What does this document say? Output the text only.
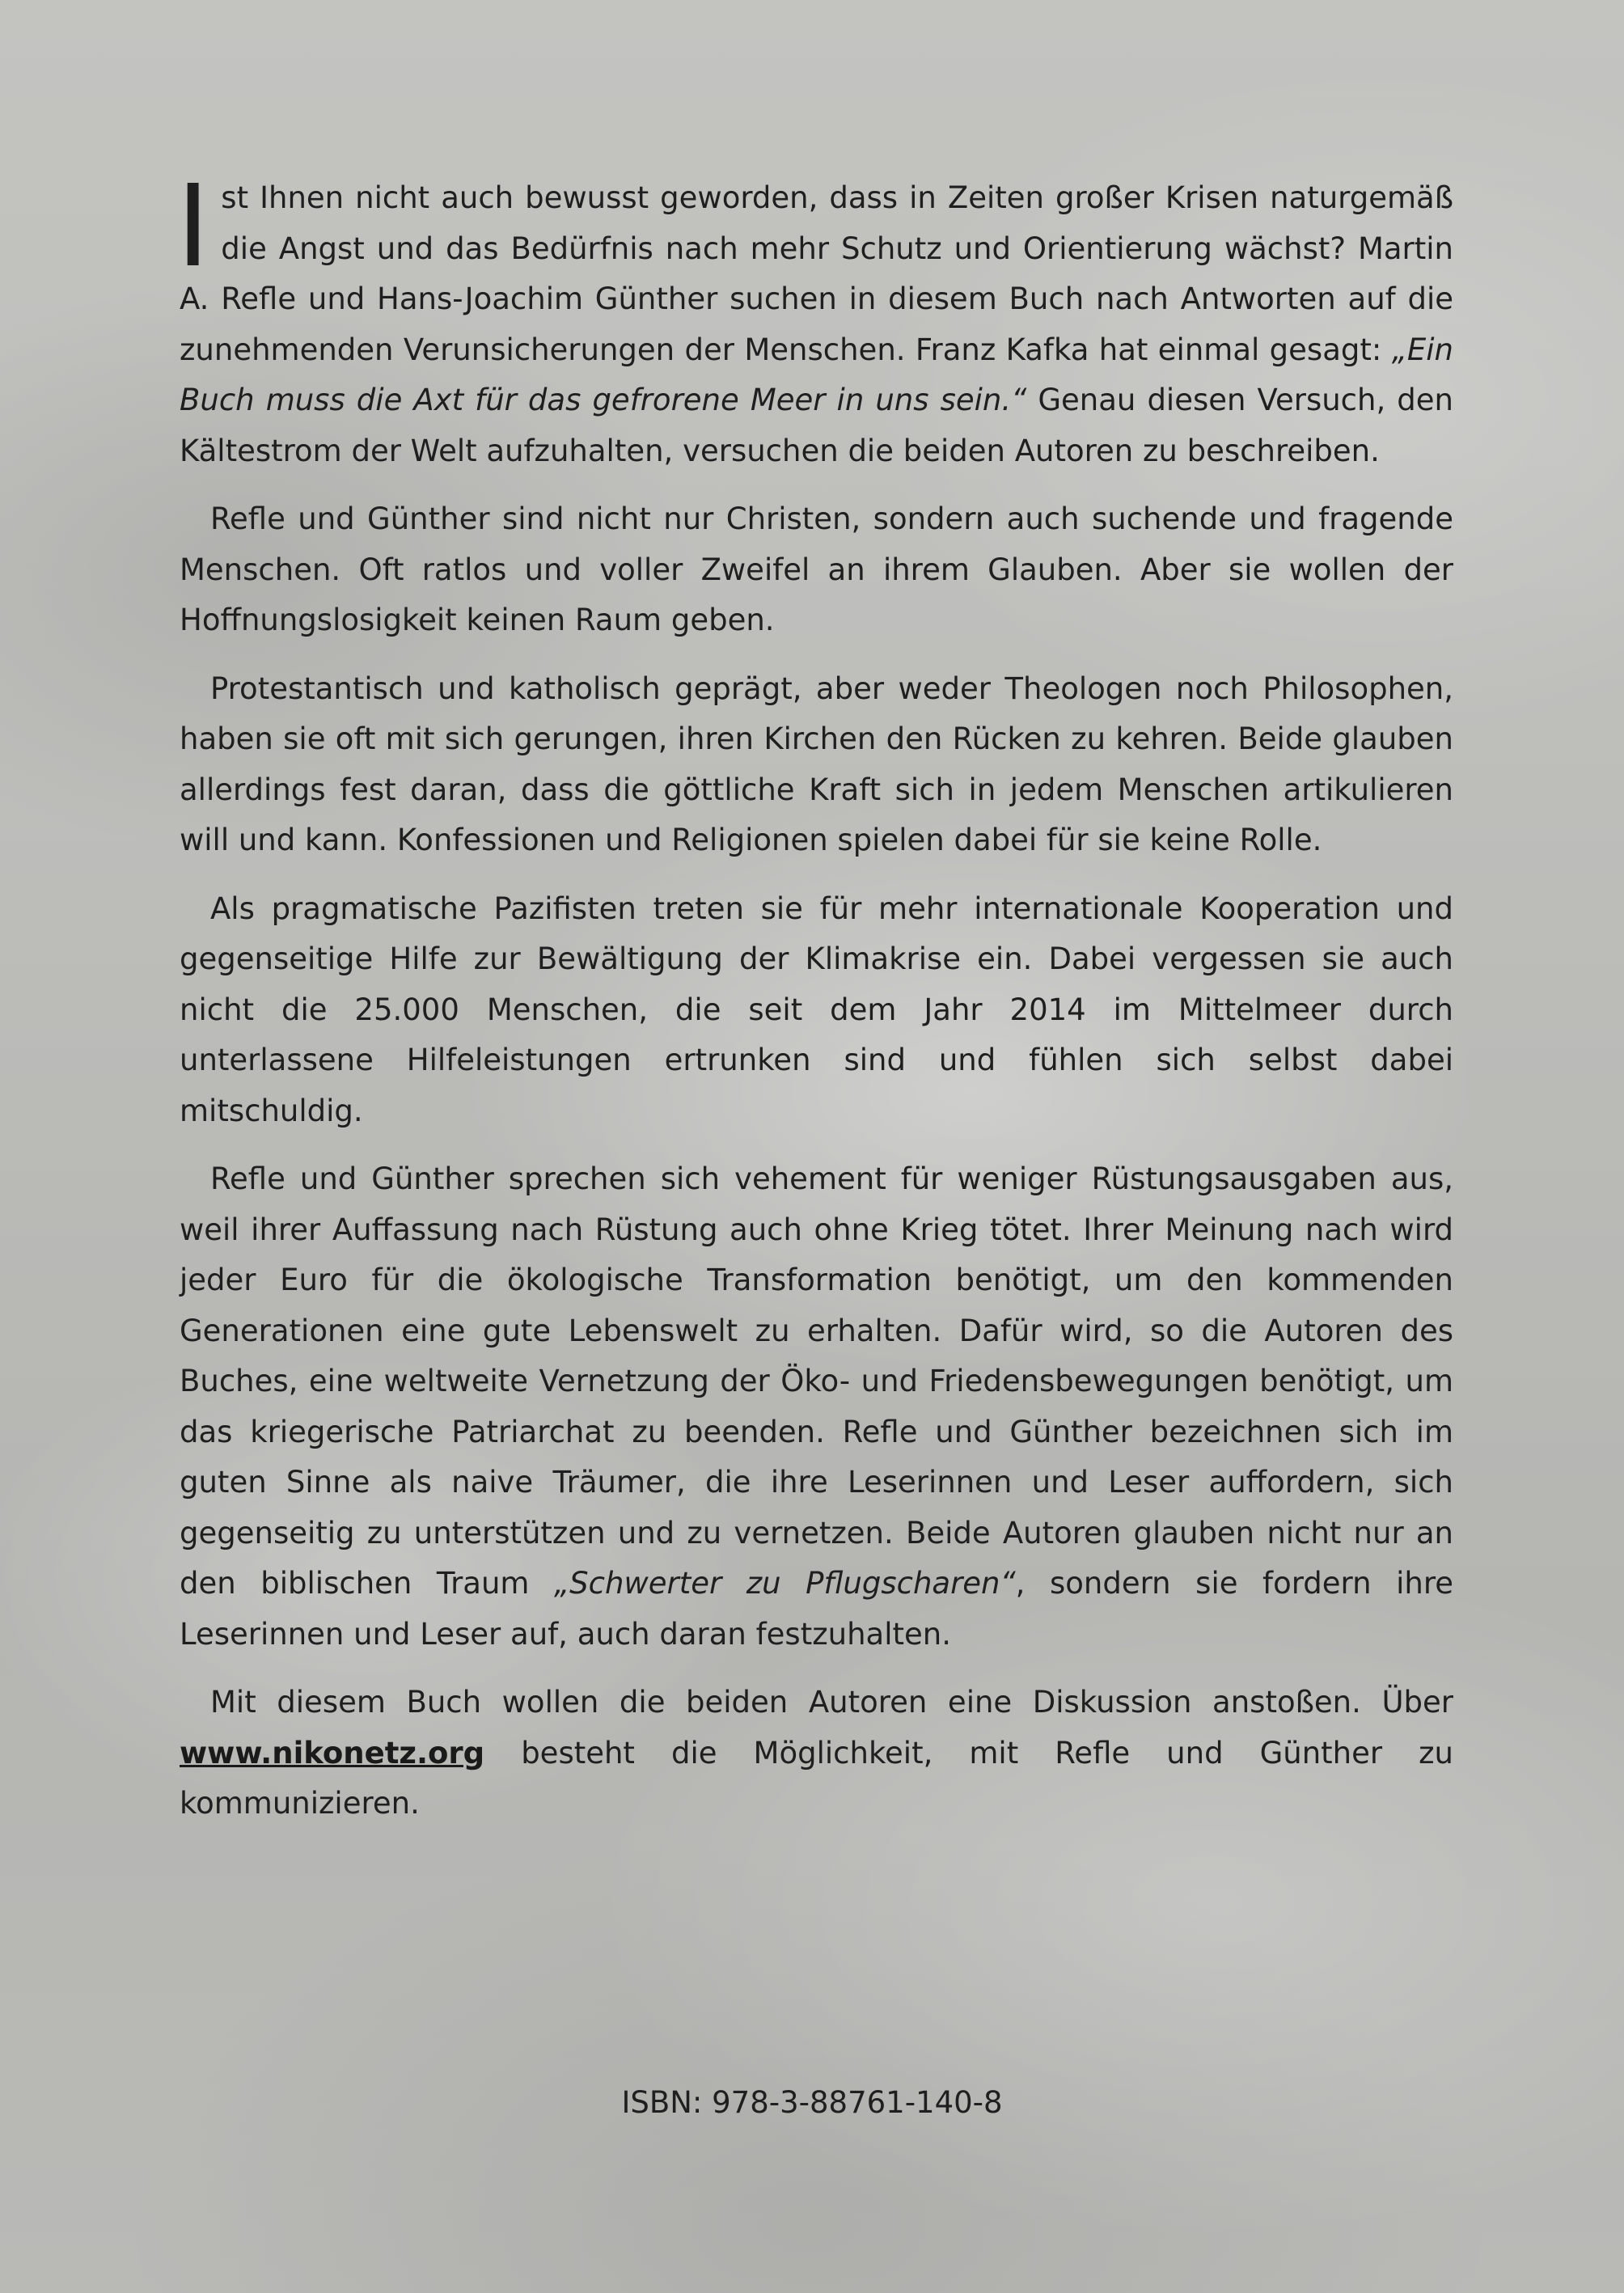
Ist Ihnen nicht auch bewusst geworden, dass in Zeiten großer Krisen naturgemäß die Angst und das Bedürfnis nach mehr Schutz und Orientierung wächst? Martin A. Refle und Hans-Joachim Günther suchen in diesem Buch nach Antworten auf die zunehmenden Verunsicherungen der Menschen. Franz Kafka hat einmal gesagt: „Ein Buch muss die Axt für das gefrorene Meer in uns sein.“ Genau diesen Versuch, den Kältestrom der Welt aufzuhalten, versuchen die beiden Autoren zu beschreiben.

Refle und Günther sind nicht nur Christen, sondern auch suchende und fragende Menschen. Oft ratlos und voller Zweifel an ihrem Glauben. Aber sie wollen der Hoffnungslosigkeit keinen Raum geben.

Protestantisch und katholisch geprägt, aber weder Theologen noch Philosophen, haben sie oft mit sich gerungen, ihren Kirchen den Rücken zu kehren. Beide glauben allerdings fest daran, dass die göttliche Kraft sich in jedem Menschen artikulieren will und kann. Konfessionen und Religionen spielen dabei für sie keine Rolle.

Als pragmatische Pazifisten treten sie für mehr internationale Kooperation und gegenseitige Hilfe zur Bewältigung der Klimakrise ein. Dabei vergessen sie auch nicht die 25.000 Menschen, die seit dem Jahr 2014 im Mittelmeer durch unterlassene Hilfeleistungen ertrunken sind und fühlen sich selbst dabei mitschuldig.

Refle und Günther sprechen sich vehement für weniger Rüstungsausgaben aus, weil ihrer Auffassung nach Rüstung auch ohne Krieg tötet. Ihrer Meinung nach wird jeder Euro für die ökologische Transformation benötigt, um den kommenden Generationen eine gute Lebenswelt zu erhalten. Dafür wird, so die Autoren des Buches, eine weltweite Vernetzung der Öko- und Friedensbewegungen benötigt, um das kriegerische Patriarchat zu beenden. Refle und Günther bezeichnen sich im guten Sinne als naive Träumer, die ihre Leserinnen und Leser auffordern, sich gegenseitig zu unterstützen und zu vernetzen. Beide Autoren glauben nicht nur an den biblischen Traum „Schwerter zu Pflugscharen“, sondern sie fordern ihre Leserinnen und Leser auf, auch daran festzuhalten.

Mit diesem Buch wollen die beiden Autoren eine Diskussion anstoßen. Über www.nikonetz.org besteht die Möglichkeit, mit Refle und Günther zu kommunizieren.

ISBN: 978-3-88761-140-8
